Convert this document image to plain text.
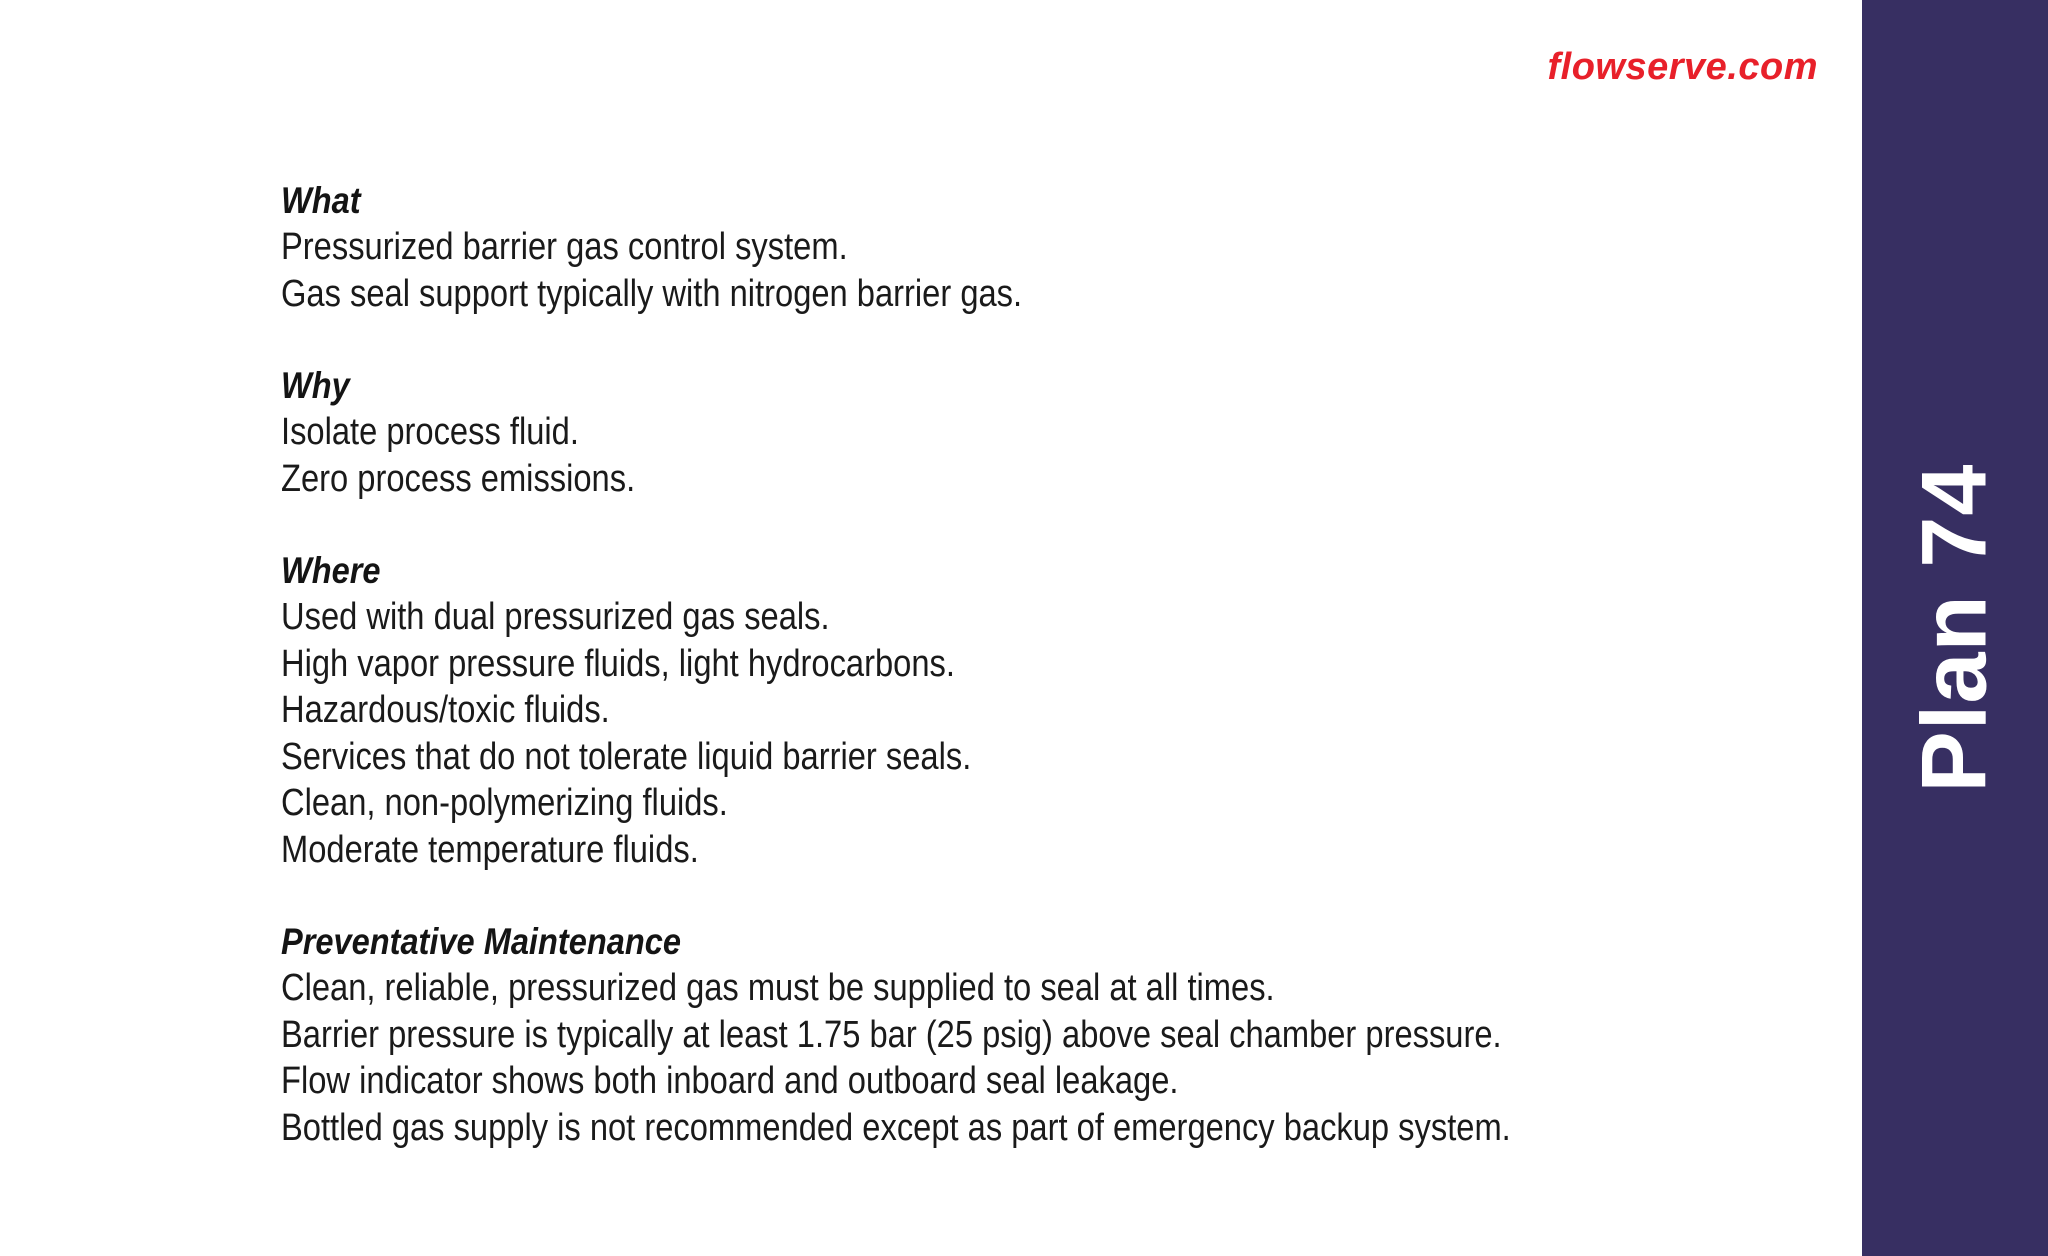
flowserve.com
What
Pressurized barrier gas control system.
Gas seal support typically with nitrogen barrier gas.
Why
Isolate process fluid.
Zero process emissions.
Where
Used with dual pressurized gas seals.
High vapor pressure fluids, light hydrocarbons.
Hazardous/toxic fluids.
Services that do not tolerate liquid barrier seals.
Clean, non-polymerizing fluids.
Moderate temperature fluids.
Preventative Maintenance
Clean, reliable, pressurized gas must be supplied to seal at all times.
Barrier pressure is typically at least 1.75 bar (25 psig) above seal chamber pressure.
Flow indicator shows both inboard and outboard seal leakage.
Bottled gas supply is not recommended except as part of emergency backup system.
Plan 74
